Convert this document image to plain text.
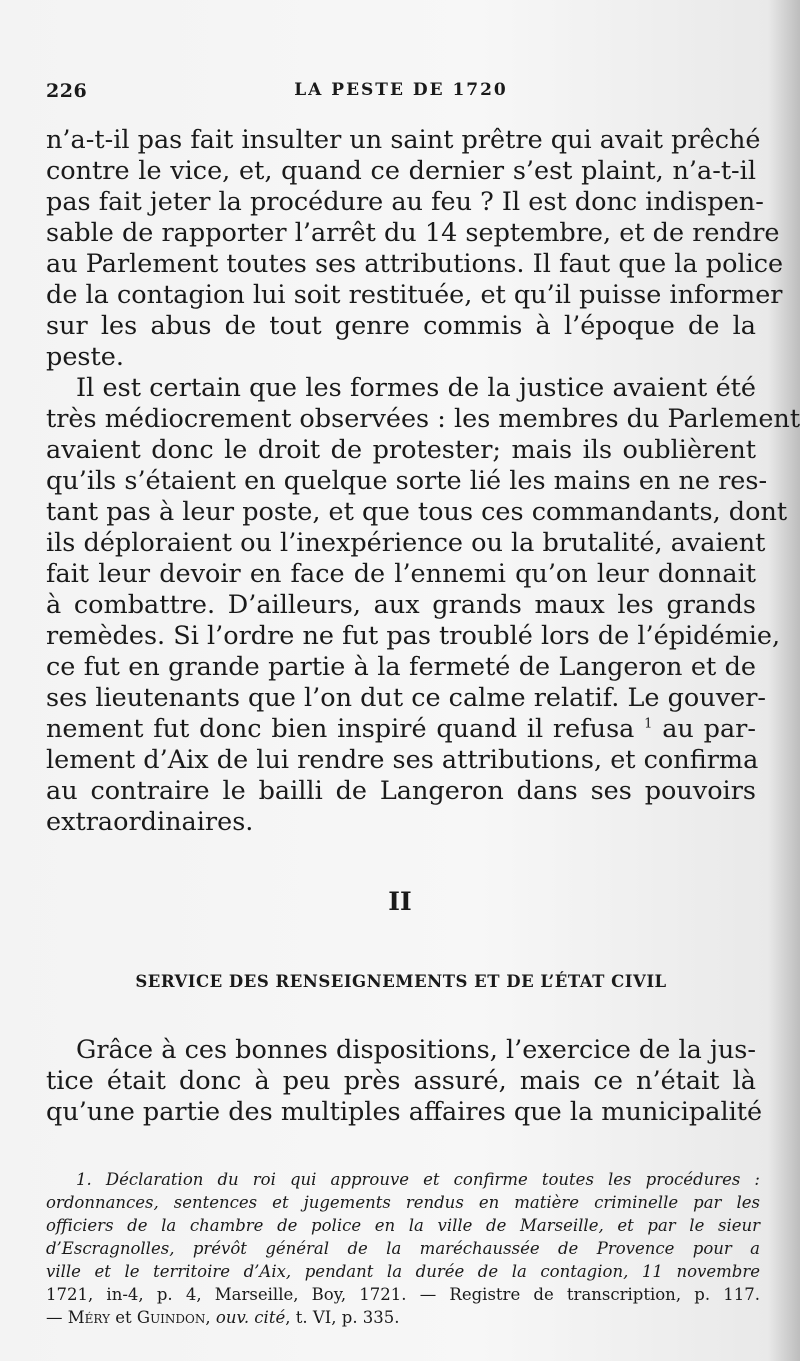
226	LA PESTE DE 1720
n’a-t-il pas fait insulter un saint prêtre qui avait prêché
contre le vice, et, quand ce dernier s’est plaint, n’a-t-il
pas fait jeter la procédure au feu ? Il est donc indispen-
sable de rapporter l’arrêt du 14 septembre, et de rendre
au Parlement toutes ses attributions. Il faut que la police
de la contagion lui soit restituée, et qu’il puisse informer
sur les abus de tout genre commis à l’époque de la
peste.
Il est certain que les formes de la justice avaient été
très médiocrement observées : les membres du Parlement
avaient donc le droit de protester; mais ils oublièrent
qu’ils s’étaient en quelque sorte lié les mains en ne res-
tant pas à leur poste, et que tous ces commandants, dont
ils déploraient ou l’inexpérience ou la brutalité, avaient
fait leur devoir en face de l’ennemi qu’on leur donnait
à combattre. D’ailleurs, aux grands maux les grands
remèdes. Si l’ordre ne fut pas troublé lors de l’épidémie,
ce fut en grande partie à la fermeté de Langeron et de
ses lieutenants que l’on dut ce calme relatif. Le gouver-
nement fut donc bien inspiré quand il refusa $^1$ au par-
lement d’Aix de lui rendre ses attributions, et confirma
au contraire le bailli de Langeron dans ses pouvoirs
extraordinaires.
II
SERVICE DES RENSEIGNEMENTS ET DE L’ÉTAT CIVIL
Grâce à ces bonnes dispositions, l’exercice de la jus-
tice était donc à peu près assuré, mais ce n’était là
qu’une partie des multiples affaires que la municipalité
1. Déclaration du roi qui approuve et confirme toutes les procédures :
ordonnances, sentences et jugements rendus en matière criminelle par les
officiers de la chambre de police en la ville de Marseille, et par le sieur
d’Escragnolles, prévôt général de la maréchaussée de Provence pour a
ville et le territoire d’Aix, pendant la durée de la contagion, 11 novembre
1721, in-4, p. 4, Marseille, Boy, 1721. — Registre de transcription, p. 117.
— Méry et Guindon, ouv. cité, t. VI, p. 335.
